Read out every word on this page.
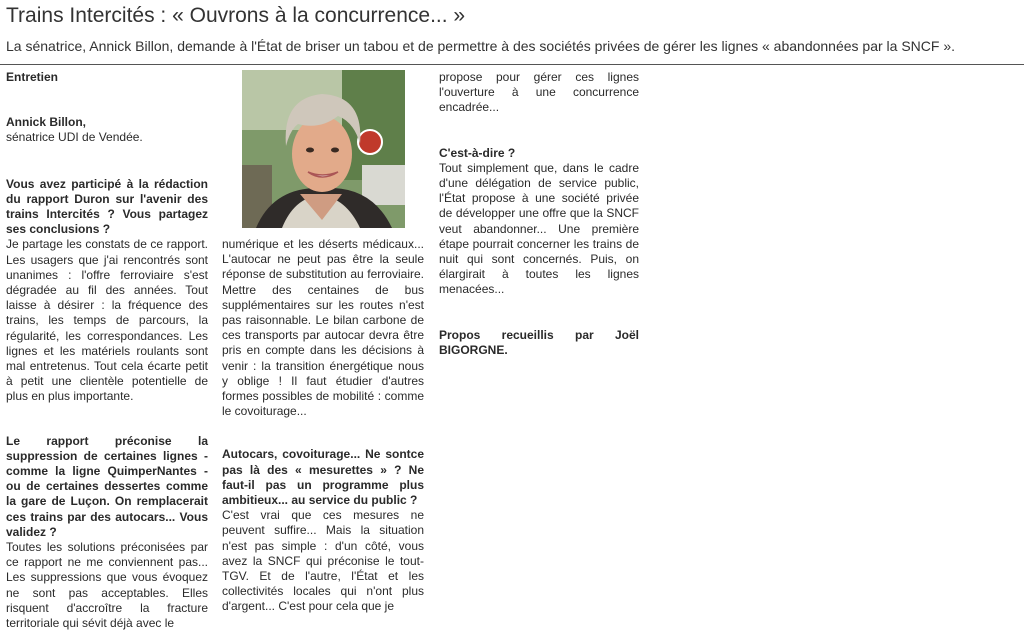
Trains Intercités : « Ouvrons à la concurrence... »

La sénatrice, Annick Billon, demande à l'État de briser un tabou et de permettre à des sociétés privées de gérer les lignes « abandonnées par la SNCF ».

Entretien

Annick Billon,

sénatrice UDI de Vendée.

Vous avez participé à la rédaction du rapport Duron sur l'avenir des trains Intercités ? Vous partagez ses conclusions ?

Je partage les constats de ce rapport. Les usagers que j'ai rencontrés sont unanimes : l'offre ferroviaire s'est dégradée au fil des années. Tout laisse à désirer : la fréquence des trains, les temps de parcours, la régularité, les correspondances. Les lignes et les matériels roulants sont mal entretenus. Tout cela écarte petit à petit une clientèle potentielle de plus en plus importante.

Le rapport préconise la suppression de certaines lignes - comme la ligne QuimperNantes - ou de certaines dessertes comme la gare de Luçon. On remplacerait ces trains par des autocars... Vous validez ?

Toutes les solutions préconisées par ce rapport ne me conviennent pas... Les suppressions que vous évoquez ne sont pas acceptables. Elles risquent d'accroître la fracture territoriale qui sévit déjà avec le

numérique et les déserts médicaux... L'autocar ne peut pas être la seule réponse de substitution au ferroviaire. Mettre des centaines de bus supplémentaires sur les routes n'est pas raisonnable. Le bilan carbone de ces transports par autocar devra être pris en compte dans les décisions à venir : la transition énergétique nous y oblige ! Il faut étudier d'autres formes possibles de mobilité : comme le covoiturage...

Autocars, covoiturage... Ne sontce pas là des « mesurettes » ? Ne faut-il pas un programme plus ambitieux... au service du public ?

C'est vrai que ces mesures ne peuvent suffire... Mais la situation n'est pas simple : d'un côté, vous avez la SNCF qui préconise le tout-TGV. Et de l'autre, l'État et les collectivités locales qui n'ont plus d'argent... C'est pour cela que je

propose pour gérer ces lignes l'ouverture à une concurrence encadrée...

C'est-à-dire ?

Tout simplement que, dans le cadre d'une délégation de service public, l'État propose à une société privée de développer une offre que la SNCF veut abandonner... Une première étape pourrait concerner les trains de nuit qui sont concernés. Puis, on élargirait à toutes les lignes menacées...

Propos recueillis par Joël BIGORGNE.
